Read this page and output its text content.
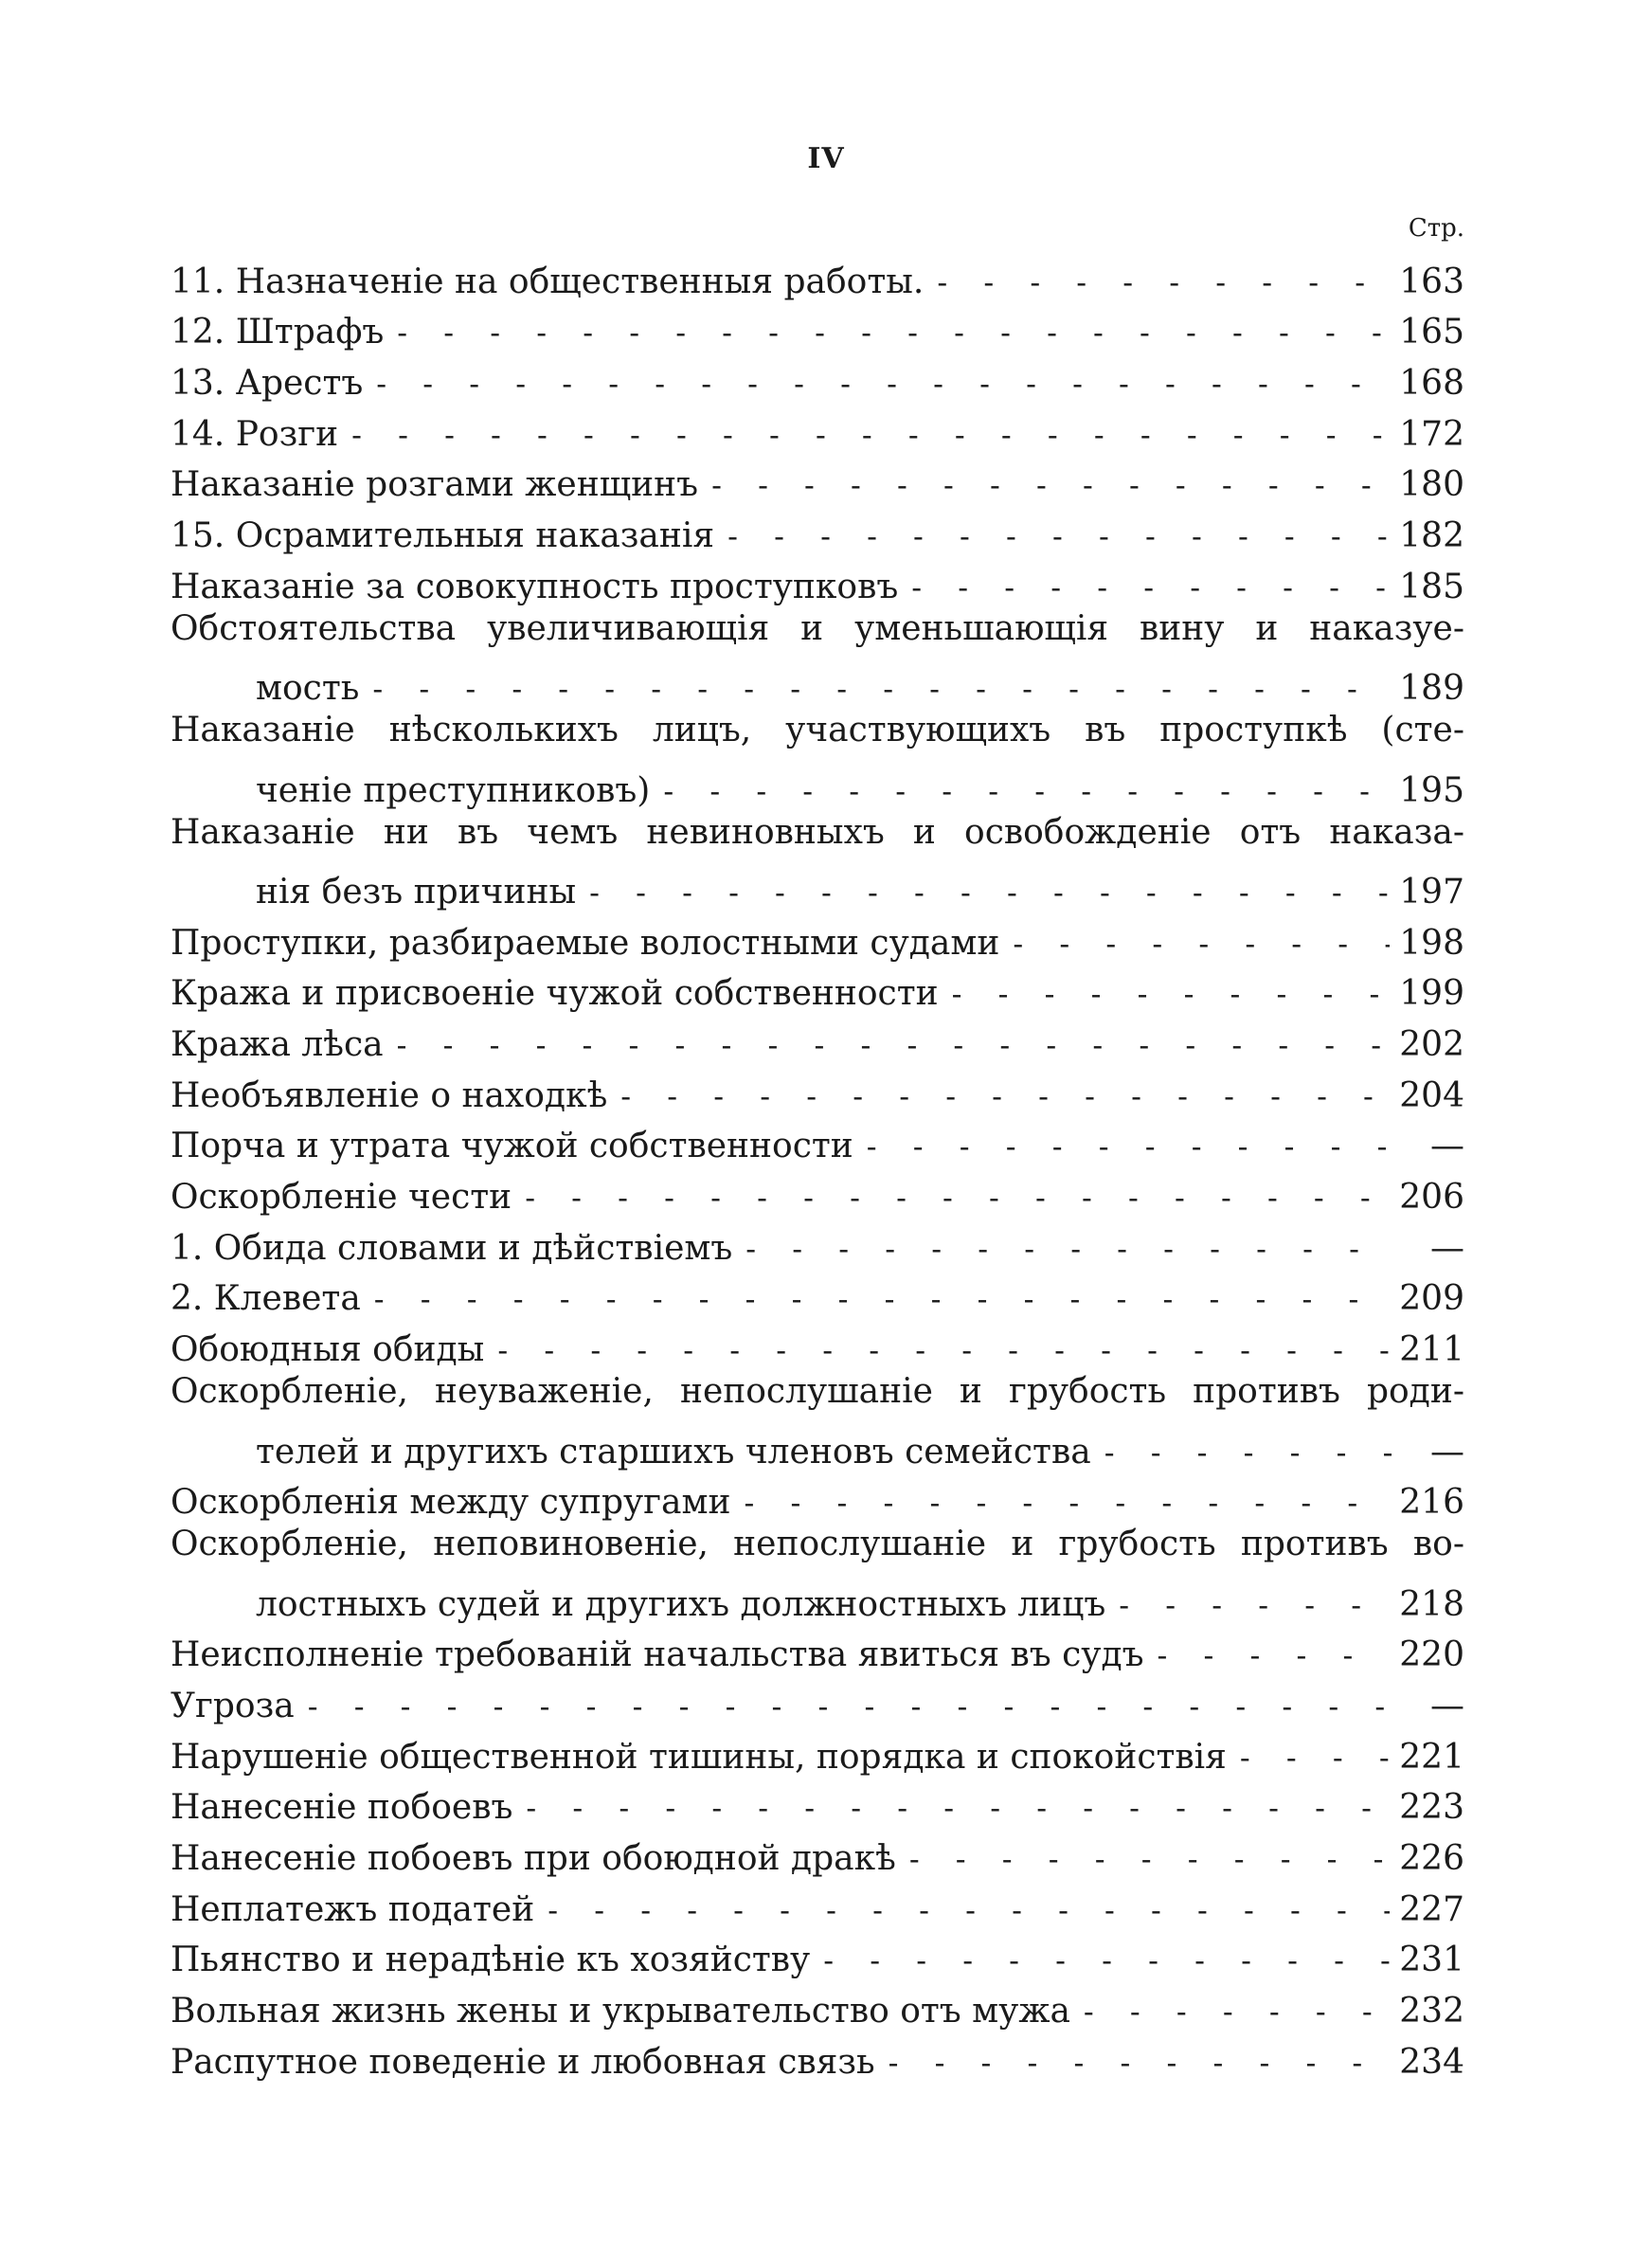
IV
Стр.
11. Назначеніе на общественныя работы. - - -	163
12. Штрафъ - - -	165
13. Арестъ - - -	168
14. Розги - - -	172
Наказаніе розгами женщинъ - - -	180
15. Осрамительныя наказанія - - -	182
Наказаніе за совокупность проступковъ - - -	185
Обстоятельства увеличивающія и уменьшающія вину и наказуе-
мость - - -	189
Наказаніе нѣсколькихъ лицъ, участвующихъ въ проступкѣ (сте-
ченіе преступниковъ) - - -	195
Наказаніе ни въ чемъ невиновныхъ и освобожденіе отъ наказа-
нія безъ причины - - -	197
Проступки, разбираемые волостными судами - - -	198
Кража и присвоеніе чужой собственности - - -	199
Кража лѣса - - -	202
Необъявленіе о находкѣ - - -	204
Порча и утрата чужой собственности - - -	—
Оскорбленіе чести - - -	206
1. Обида словами и дѣйствіемъ - - -	—
2. Клевета - - -	209
Обоюдныя обиды - - -	211
Оскорбленіе, неуваженіе, непослушаніе и грубость противъ роди-
телей и другихъ старшихъ членовъ семейства - - -	—
Оскорбленія между супругами - - -	216
Оскорбленіе, неповиновеніе, непослушаніе и грубость противъ во-
лостныхъ судей и другихъ должностныхъ лицъ - - -	218
Неисполненіе требованій начальства явиться въ судъ - - -	220
Угроза - - -	—
Нарушеніе общественной тишины, порядка и спокойствія - - -	221
Нанесеніе побоевъ - - -	223
Нанесеніе побоевъ при обоюдной дракѣ - - -	226
Неплатежъ податей - - -	227
Пьянство и нерадѣніе къ хозяйству - - -	231
Вольная жизнь жены и укрывательство отъ мужа - - -	232
Распутное поведеніе и любовная связь - - -	234
